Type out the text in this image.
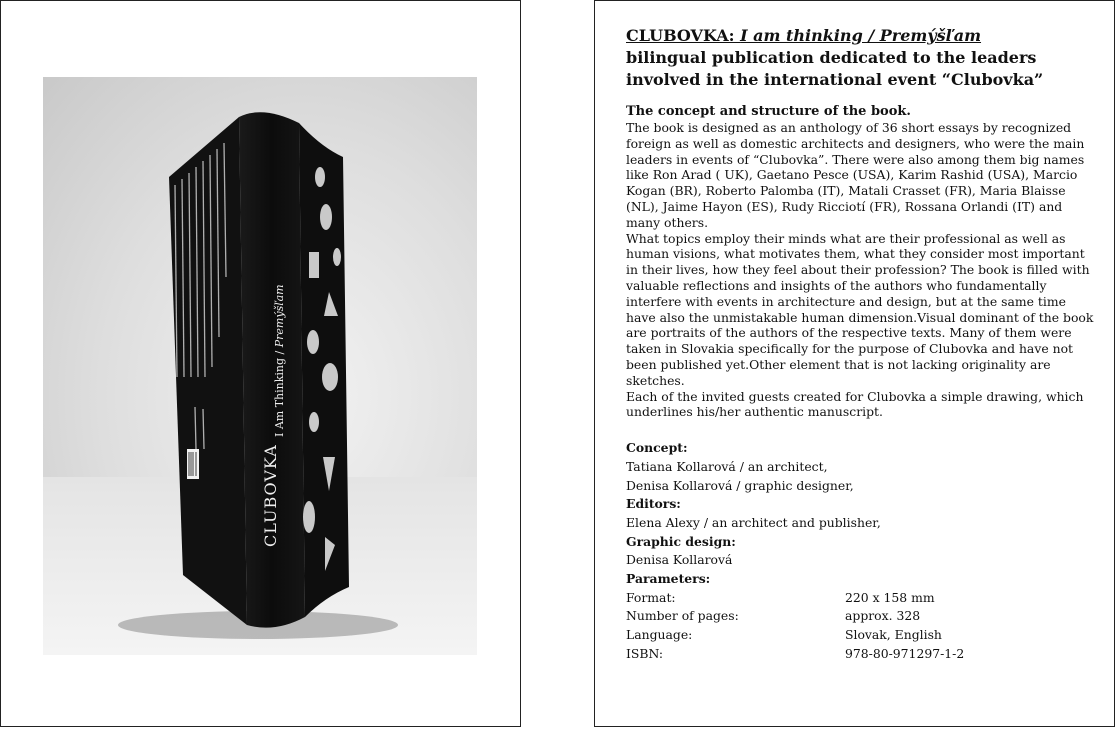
CLUBOVKA
I Am Thinking / Premýšľam

CLUBOVKA: I am thinking / Premýšľam

bilingual publication dedicated to the leaders

involved in the international event “Clubovka”

The concept and structure of the book.

The book is designed as an anthology of 36 short essays by recognized foreign as well as domestic architects and designers, who were the main leaders in events of “Clubovka”. There were also among them big names like Ron Arad ( UK), Gaetano Pesce (USA), Karim Rashid (USA), Marcio Kogan (BR), Roberto Palomba (IT), Matali Crasset (FR), Maria Blaisse (NL), Jaime Hayon (ES), Rudy Ricciotí (FR), Rossana Orlandi (IT) and many others.

What topics employ their minds what are their professional as well as human visions, what motivates them, what they consider most important in their lives, how they feel about their profession? The book is filled with valuable reflections and insights of the authors who fundamentally interfere with events in architecture and design, but at the same time have also the unmistakable human dimension.Visual dominant of the book are portraits of the authors of the respective texts. Many of them were taken in Slovakia specifically for the purpose of Clubovka and have not been published yet.Other element that is not lacking originality are sketches.

Each of the invited guests created for Clubovka a simple drawing, which underlines his/her authentic manuscript.

Concept:
Tatiana Kollarová / an architect,
Denisa Kollarová / graphic designer,
Editors:
Elena Alexy / an architect and publisher,
Graphic design:
Denisa Kollarová
Parameters:
Format:	220 x 158 mm
Number of pages:	approx. 328
Language:	Slovak, English
ISBN:	978-80-971297-1-2
